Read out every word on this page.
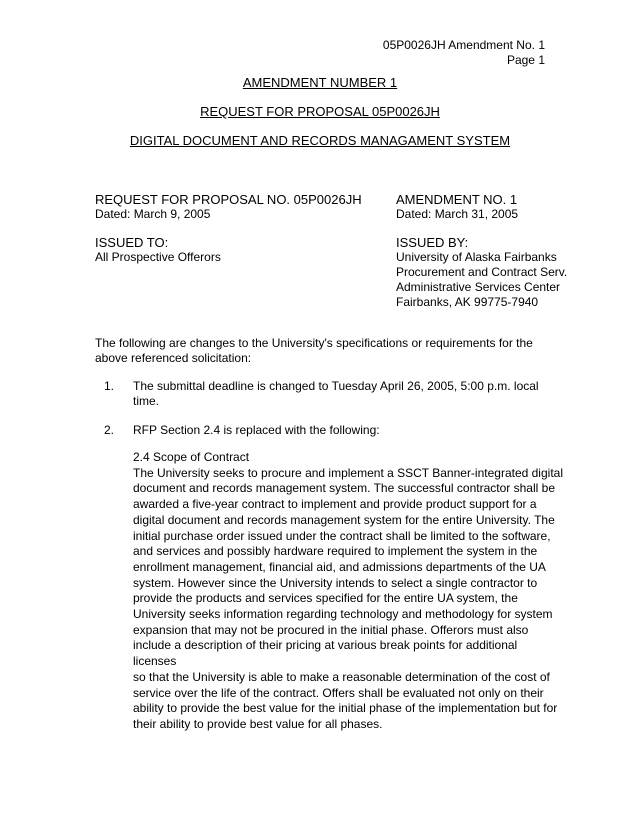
05P0026JH Amendment No. 1
Page 1
AMENDMENT NUMBER 1
REQUEST FOR PROPOSAL 05P0026JH
DIGITAL DOCUMENT AND RECORDS MANAGAMENT SYSTEM
REQUEST FOR PROPOSAL NO. 05P0026JH
Dated: March 9, 2005
ISSUED TO:
All Prospective Offerors
AMENDMENT NO. 1
Dated: March 31, 2005
ISSUED BY:
University of Alaska Fairbanks
Procurement and Contract Serv.
Administrative Services Center
Fairbanks, AK 99775-7940
The following are changes to the University's specifications or requirements for the
above referenced solicitation:
1. The submittal deadline is changed to Tuesday April 26, 2005, 5:00 p.m. local
time.
2. RFP Section 2.4 is replaced with the following:
2.4 Scope of Contract
The University seeks to procure and implement a SSCT Banner-integrated digital
document and records management system. The successful contractor shall be
awarded a five-year contract to implement and provide product support for a
digital document and records management system for the entire University. The
initial purchase order issued under the contract shall be limited to the software,
and services and possibly hardware required to implement the system in the
enrollment management, financial aid, and admissions departments of the UA
system. However since the University intends to select a single contractor to
provide the products and services specified for the entire UA system, the
University seeks information regarding technology and methodology for system
expansion that may not be procured in the initial phase. Offerors must also
include a description of their pricing at various break points for additional licenses
so that the University is able to make a reasonable determination of the cost of
service over the life of the contract. Offers shall be evaluated not only on their
ability to provide the best value for the initial phase of the implementation but for
their ability to provide best value for all phases.
